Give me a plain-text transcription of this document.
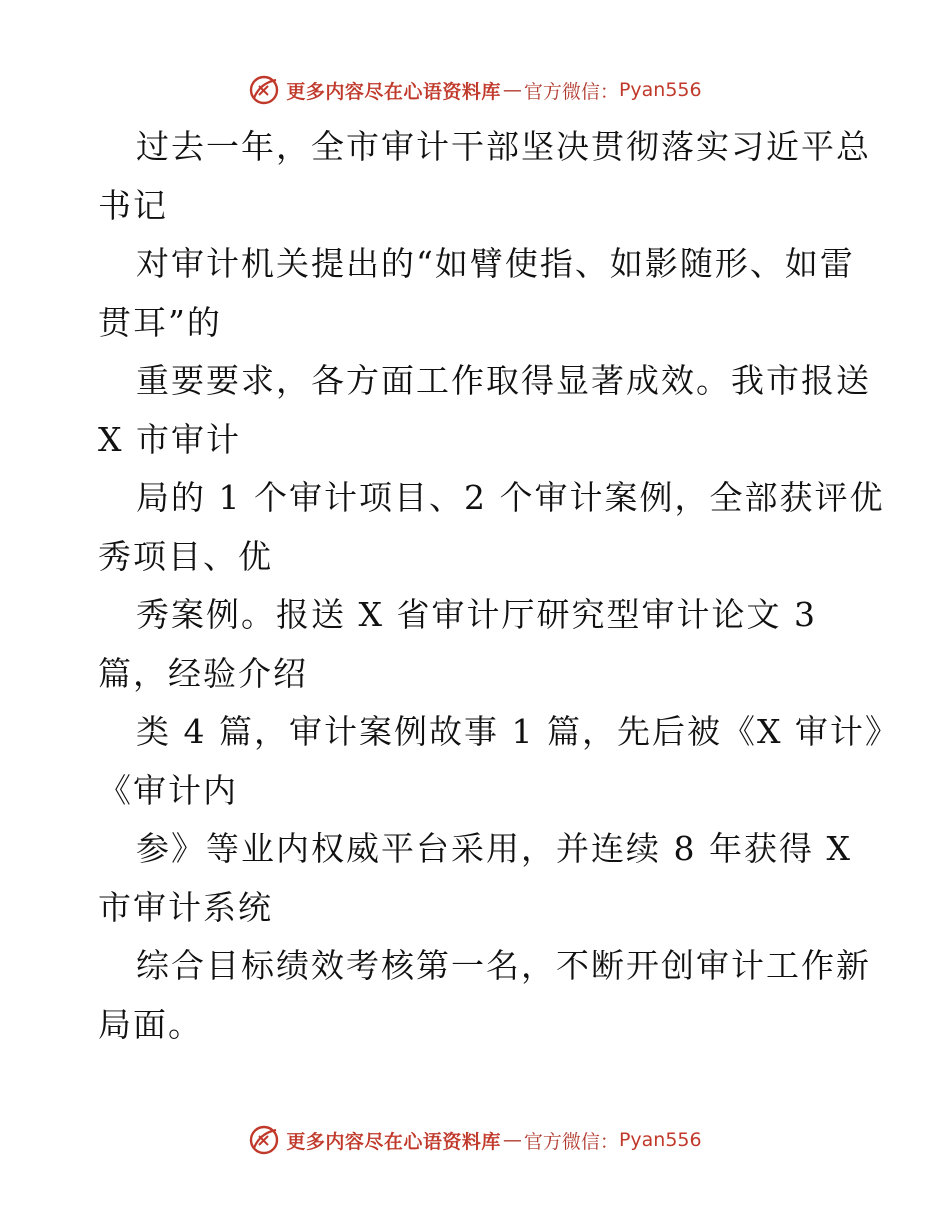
更多内容尽在心语资料库 — 官方微信： Pyan556
过去一年，全市审计干部坚决贯彻落实习近平总
书记
对审计机关提出的“如臂使指、如影随形、如雷
贯耳”的
重要要求，各方面工作取得显著成效。我市报送
X 市审计
局的 1 个审计项目、2 个审计案例，全部获评优
秀项目、优
秀案例。报送 X 省审计厅研究型审计论文 3
篇，经验介绍
类 4 篇，审计案例故事 1 篇，先后被《X 审计》
《审计内
参》等业内权威平台采用，并连续 8 年获得 X
市审计系统
综合目标绩效考核第一名，不断开创审计工作新
局面。
更多内容尽在心语资料库 — 官方微信： Pyan556
